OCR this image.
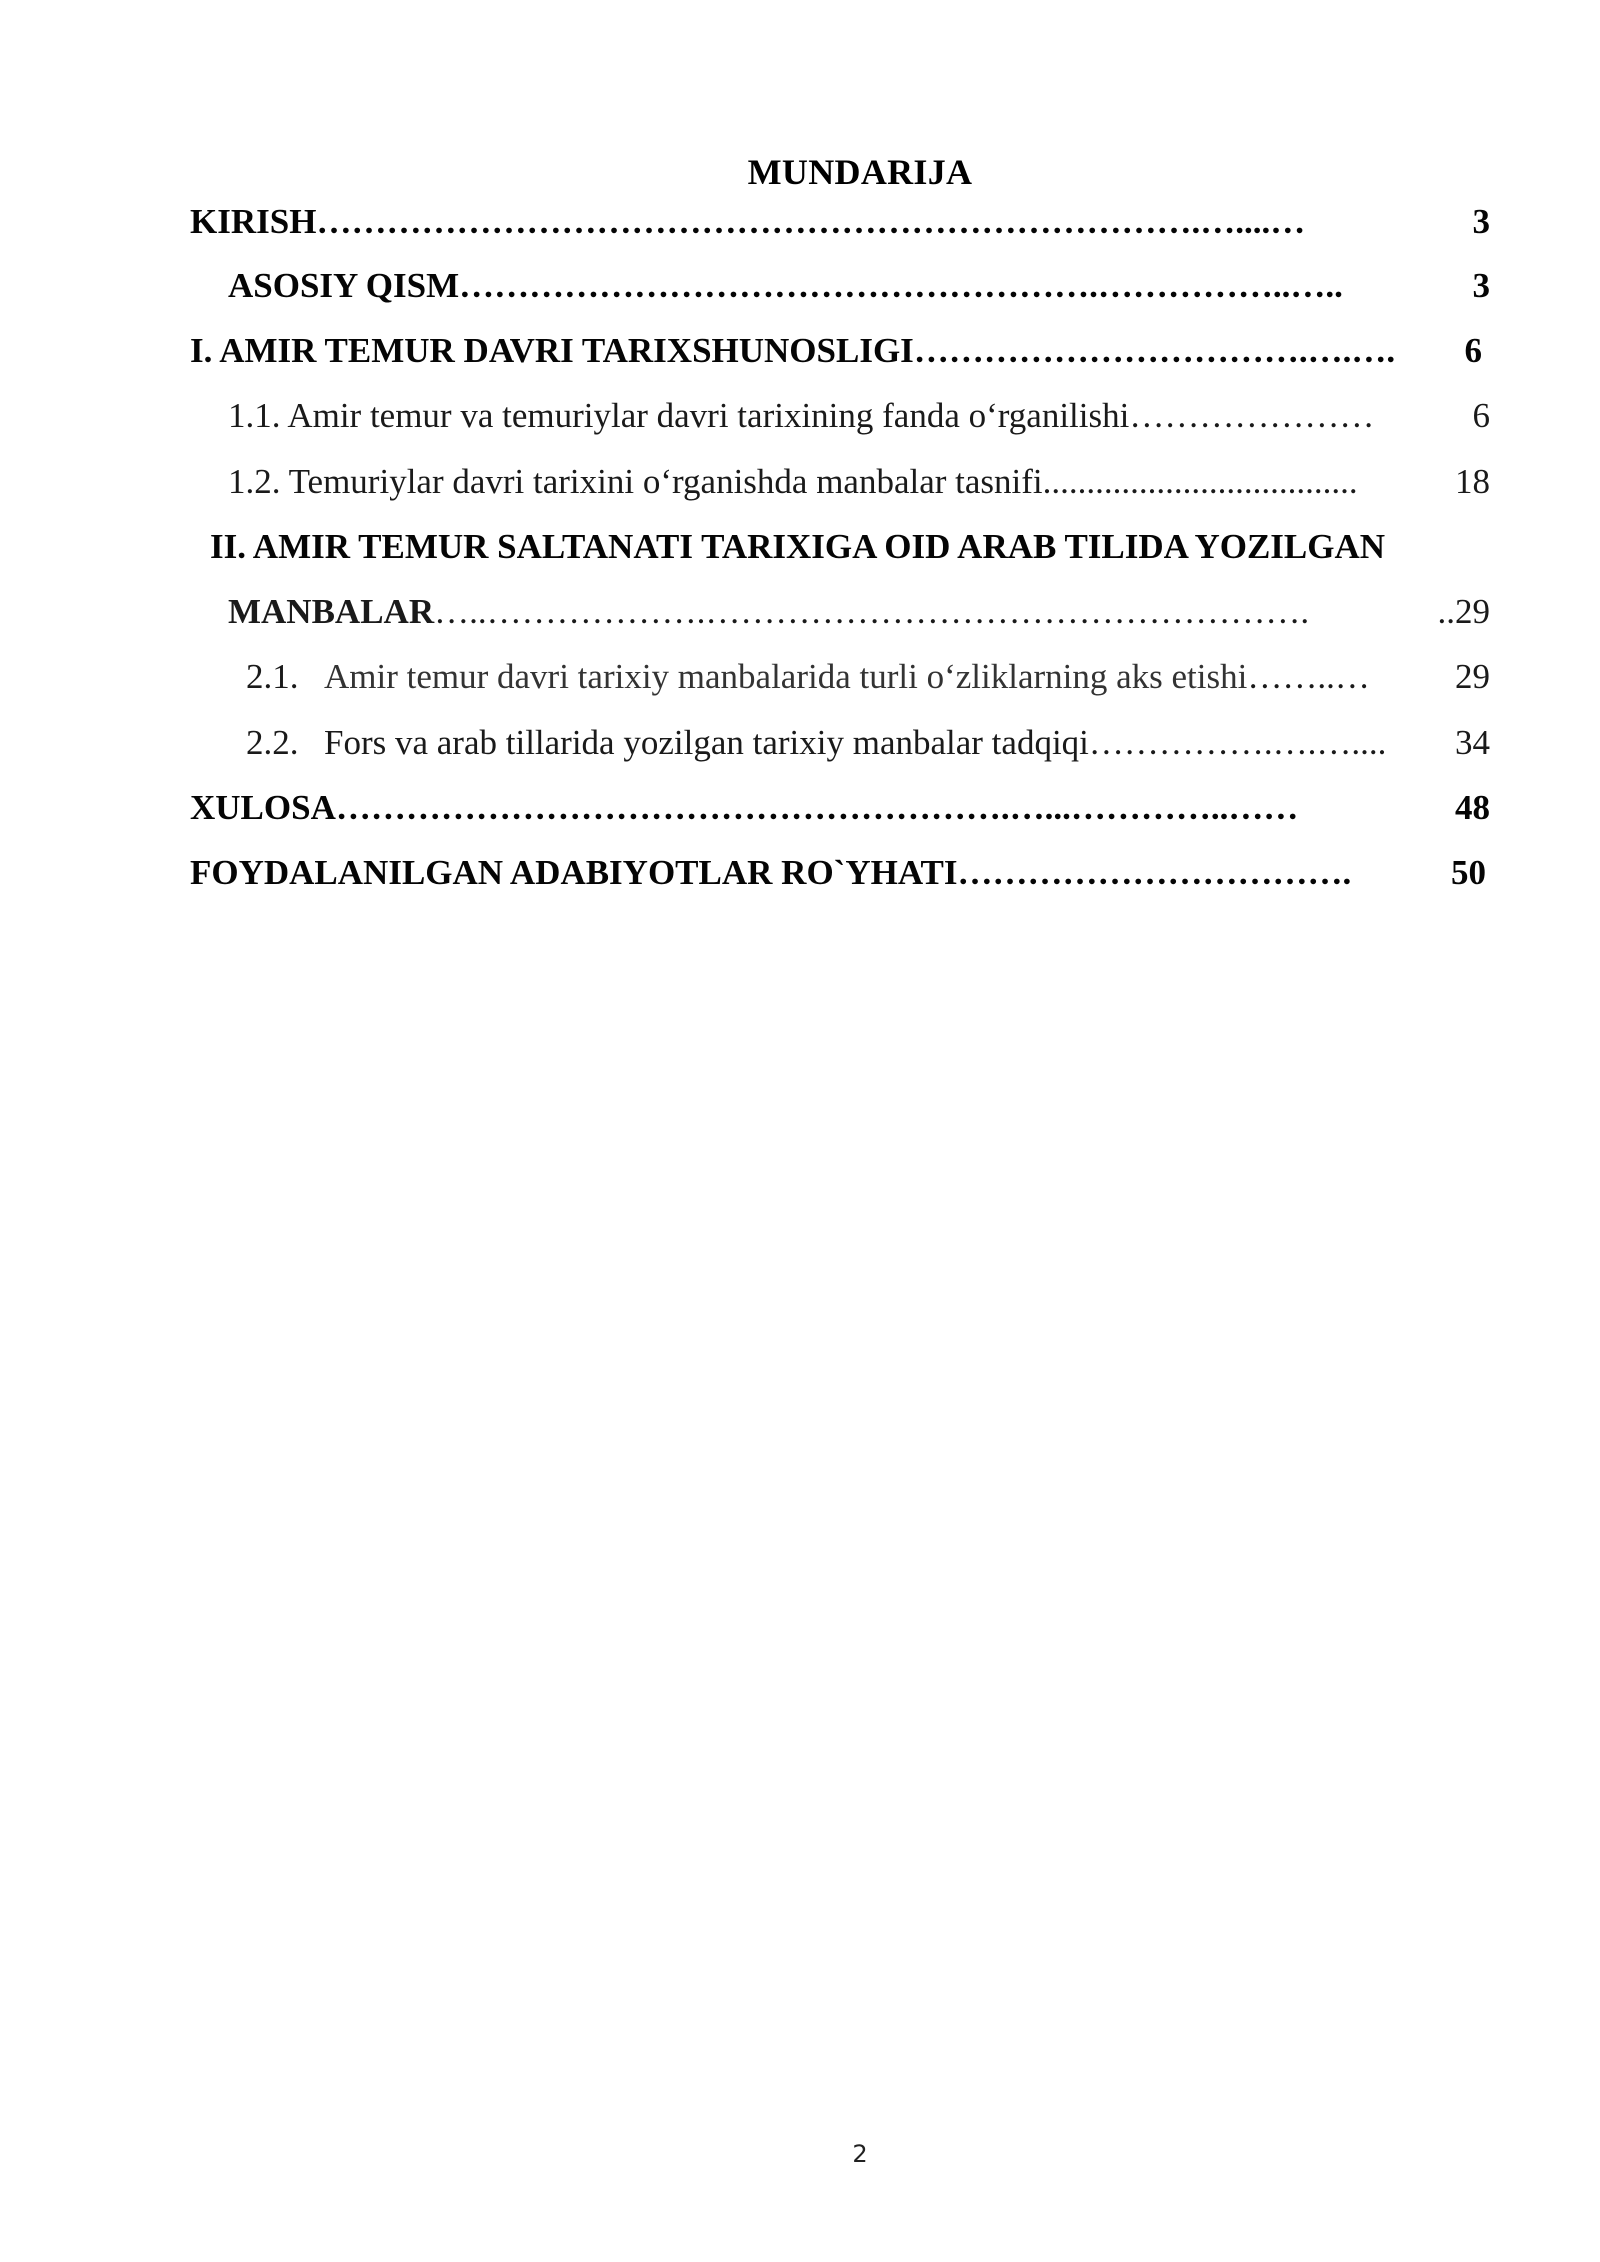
MUNDARIJA
KIRISH ………………………………………………………………….…....…	3
ASOSIY QISM ……………………………………………….……………..…..	3
I. AMIR TEMUR DAVRI TARIXSHUNOSLIGI …………………………….….….	6
1.1. Amir temur va temuriylar davri tarixining fanda o‘rganilishi …………………	6
1.2. Temuriylar davri tarixini o‘rganishda manbalar tasnifi ....................................	18
II. AMIR TEMUR SALTANATI TARIXIGA OID ARAB TILIDA YOZILGAN
MANBALAR …..……………….…………………………………………….	..29
2.1. Amir temur davri tarixiy manbalarida turli o‘zliklarning aks etishi ……..…	29
2.2. Fors va arab tillarida yozilgan tarixiy manbalar tadqiqi …………….….…....	34
XULOSA ………………………………………………….…...…………..……	48
FOYDALANILGAN ADABIYOTLAR RO`YHATI …………………………….	50
2
